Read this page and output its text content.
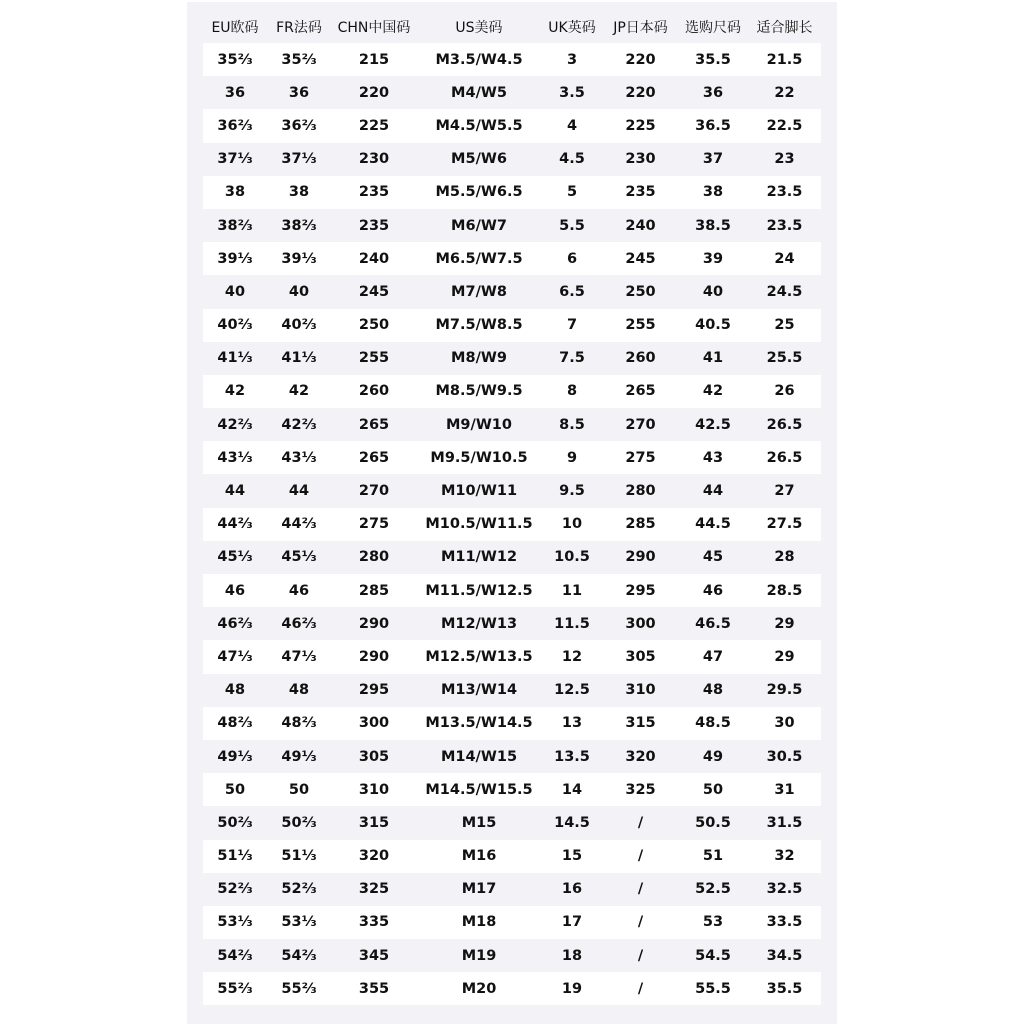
EU欧码	FR法码	CHN中国码	US美码	UK英码	JP日本码	选购尺码	适合脚长
35⅔	35⅔	215	M3.5/W4.5	3	220	35.5	21.5
36	36	220	M4/W5	3.5	220	36	22
36⅔	36⅔	225	M4.5/W5.5	4	225	36.5	22.5
37⅓	37⅓	230	M5/W6	4.5	230	37	23
38	38	235	M5.5/W6.5	5	235	38	23.5
38⅔	38⅔	235	M6/W7	5.5	240	38.5	23.5
39⅓	39⅓	240	M6.5/W7.5	6	245	39	24
40	40	245	M7/W8	6.5	250	40	24.5
40⅔	40⅔	250	M7.5/W8.5	7	255	40.5	25
41⅓	41⅓	255	M8/W9	7.5	260	41	25.5
42	42	260	M8.5/W9.5	8	265	42	26
42⅔	42⅔	265	M9/W10	8.5	270	42.5	26.5
43⅓	43⅓	265	M9.5/W10.5	9	275	43	26.5
44	44	270	M10/W11	9.5	280	44	27
44⅔	44⅔	275	M10.5/W11.5	10	285	44.5	27.5
45⅓	45⅓	280	M11/W12	10.5	290	45	28
46	46	285	M11.5/W12.5	11	295	46	28.5
46⅔	46⅔	290	M12/W13	11.5	300	46.5	29
47⅓	47⅓	290	M12.5/W13.5	12	305	47	29
48	48	295	M13/W14	12.5	310	48	29.5
48⅔	48⅔	300	M13.5/W14.5	13	315	48.5	30
49⅓	49⅓	305	M14/W15	13.5	320	49	30.5
50	50	310	M14.5/W15.5	14	325	50	31
50⅔	50⅔	315	M15	14.5	/	50.5	31.5
51⅓	51⅓	320	M16	15	/	51	32
52⅔	52⅔	325	M17	16	/	52.5	32.5
53⅓	53⅓	335	M18	17	/	53	33.5
54⅔	54⅔	345	M19	18	/	54.5	34.5
55⅔	55⅔	355	M20	19	/	55.5	35.5
